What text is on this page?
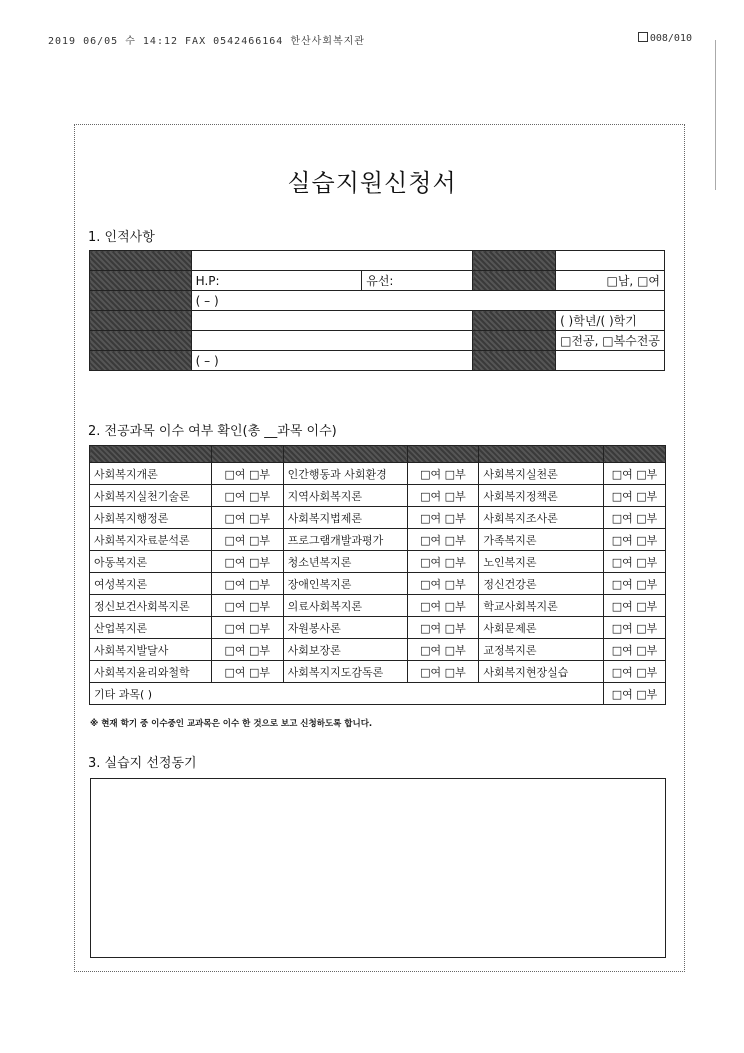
2019 06/05 수 14:12 FAX 0542466164 한산사회복지관	008/010
실습지원신청서
1. 인적사항

	H.P:	유선:		□남, □ 여
	( – )			
				( )학년/( )학기
			□ 전공, □ 복수전공
	( – )			
2. 전공과목 이수 여부 확인(총 __과목 이수)

사회복지개론	□여 □ 부	인간행동과 사회환경	□여 □ 부	사회복지실천론	□여 □ 부
사회복지실천기술론	□여 □ 부	지역사회복지론	□여 □ 부	사회복지정책론	□여 □ 부
사회복지행정론	□여 □ 부	사회복지법제론	□여 □ 부	사회복지조사론	□여 □ 부
사회복지자료분석론	□여 □ 부	프로그램개발과평가	□여 □ 부	가족복지론	□여 □ 부
아동복지론	□여 □ 부	청소년복지론	□여 □ 부	노인복지론	□여 □ 부
여성복지론	□여 □ 부	장애인복지론	□여 □ 부	정신건강론	□여 □ 부
정신보건사회복지론	□여 □ 부	의료사회복지론	□여 □ 부	학교사회복지론	□여 □ 부
산업복지론	□여 □ 부	자원봉사론	□여 □ 부	사회문제론	□여 □ 부
사회복지발달사	□여 □ 부	사회보장론	□여 □ 부	교정복지론	□여 □ 부
사회복지윤리와철학	□여 □ 부	사회복지지도감독론	□여 □ 부	사회복지현장실습	□여 □ 부
기타 과목( )	□여 □ 부
※ 현재 학기 중 이수중인 교과목은 이수 한 것으로 보고 신청하도록 합니다.
3. 실습지 선정동기
